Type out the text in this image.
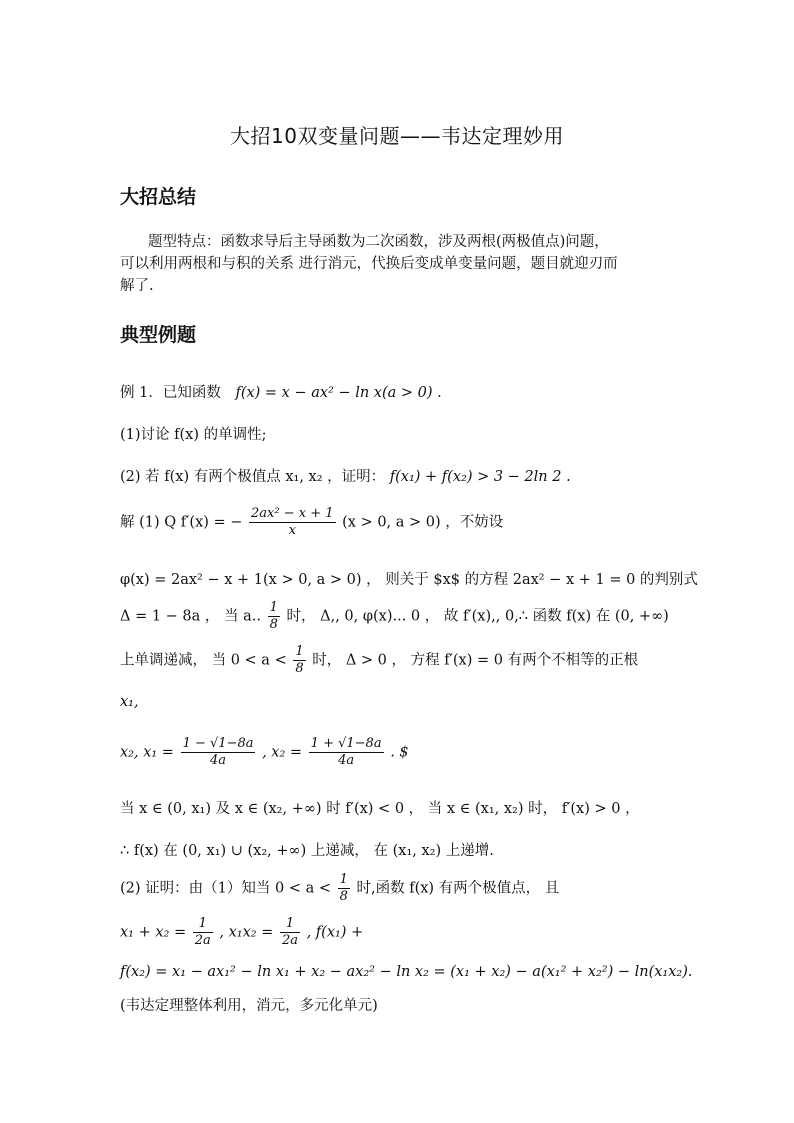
大招10双变量问题——韦达定理妙用
大招总结
题型特点：函数求导后主导函数为二次函数，涉及两根(两极值点)问题，
可以利用两根和与积的关系 进行消元，代换后变成单变量问题，题目就迎刃而
解了.
典型例题
例 1．已知函数 f(x) = x − ax² − ln x(a > 0) .
(1)讨论 f(x) 的单调性;
(2) 若 f(x) 有两个极值点 x₁, x₂ ，证明： f(x₁) + f(x₂) > 3 − 2ln 2 .
解 (1) Q f′(x) = − $\frac{\text{2ax² − x + 1}}{x} (x > 0$, a > 0) ，不妨设
φ(x) = 2ax² − x + 1(x > 0, a > 0) ， 则关于 $x$ 的方程 2ax² − x + 1 = 0 的判别式
Δ = 1 − 8a ， 当 a.. $\frac{1}{8}$ 时， Δ,, 0, φ(x)... 0 ， 故 f′(x),, 0,∴ 函数 f(x) 在 (0, +∞)
上单调递减， 当 $0 < a < \frac{1}{8}$ 时， Δ > 0 ， 方程 f′(x) = 0 有两个不相等的正根
x₁,
x₂, $x_1 = \frac{1 - √1-8a}{4a}$ , $x_2 = \frac{1 + √1-8a}{4a}$ . $
当 x ∈ (0, x₁) 及 x ∈ (x₂, +∞) 时 f′(x) < 0 ， 当 x ∈ (x₁, x₂) 时， f′(x) > 0 ，
∴ f(x) 在 (0, x₁) ∪ (x₂, +∞) 上递减， 在 (x₁, x₂) 上递增.
(2) 证明：由（1）知当 $0 < a < \frac{1}{8}$ 时,函数 f(x) 有两个极值点， 且
$x_1 + x_2 = \frac{1}{2a}$ , $x_1x_2 = \frac{1}{2a}$ , f(x₁) +
f(x₂) = x₁ − ax₁² − ln x₁ + x₂ − ax₂² − ln x₂ = (x₁ + x₂) − a(x₁² + x₂²) − ln(x₁x₂).
(韦达定理整体利用，消元，多元化单元)
